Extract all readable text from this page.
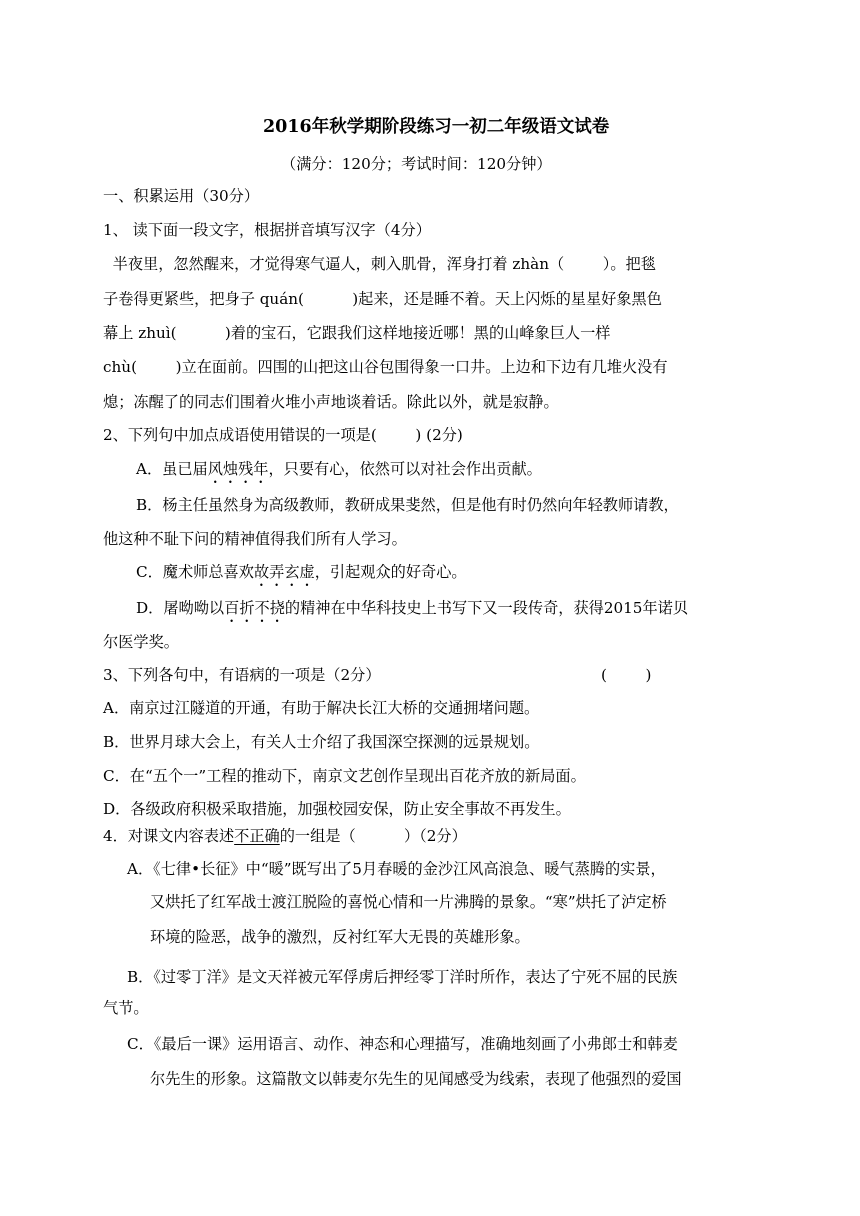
2016年秋学期阶段练习一初二年级语文试卷
（满分：120分；考试时间：120分钟）
一、积累运用（30分）
1、 读下面一段文字，根据拼音填写汉字（4分）
半夜里，忽然醒来，才觉得寒气逼人，刺入肌骨，浑身打着 zhàn（        ）。把毯
子卷得更紧些，把身子 quán(          )起来，还是睡不着。天上闪烁的星星好象黑色
幕上 zhuì(          )着的宝石，它跟我们这样地接近哪！黑的山峰象巨人一样
chù(        )立在面前。四围的山把这山谷包围得象一口井。上边和下边有几堆火没有
熄；冻醒了的同志们围着火堆小声地谈着话。除此以外，就是寂静。
2、下列句中加点成语使用错误的一项是(        ) (2分)
A．虽已届风烛残年，只要有心，依然可以对社会作出贡献。
B．杨主任虽然身为高级教师，教研成果斐然，但是他有时仍然向年轻教师请教，
他这种不耻下问的精神值得我们所有人学习。
C．魔术师总喜欢故弄玄虚，引起观众的好奇心。
D．屠呦呦以百折不挠的精神在中华科技史上书写下又一段传奇，获得2015年诺贝
尔医学奖。
3、下列各句中，有语病的一项是（2分）	(        )
A．南京过江隧道的开通，有助于解决长江大桥的交通拥堵问题。
B．世界月球大会上，有关人士介绍了我国深空探测的远景规划。
C．在“五个一”工程的推动下，南京文艺创作呈现出百花齐放的新局面。
D．各级政府积极采取措施，加强校园安保，防止安全事故不再发生。
4．对课文内容表述不正确的一组是（          ）（2分）
A．《七律•长征》中“暖”既写出了5月春暖的金沙江风高浪急、暖气蒸腾的实景，
又烘托了红军战士渡江脱险的喜悦心情和一片沸腾的景象。“寒”烘托了泸定桥
环境的险恶，战争的激烈，反衬红军大无畏的英雄形象。
B．《过零丁洋》是文天祥被元军俘虏后押经零丁洋时所作，表达了宁死不屈的民族
气节。
C．《最后一课》运用语言、动作、神态和心理描写，准确地刻画了小弗郎士和韩麦
尔先生的形象。这篇散文以韩麦尔先生的见闻感受为线索，表现了他强烈的爱国
